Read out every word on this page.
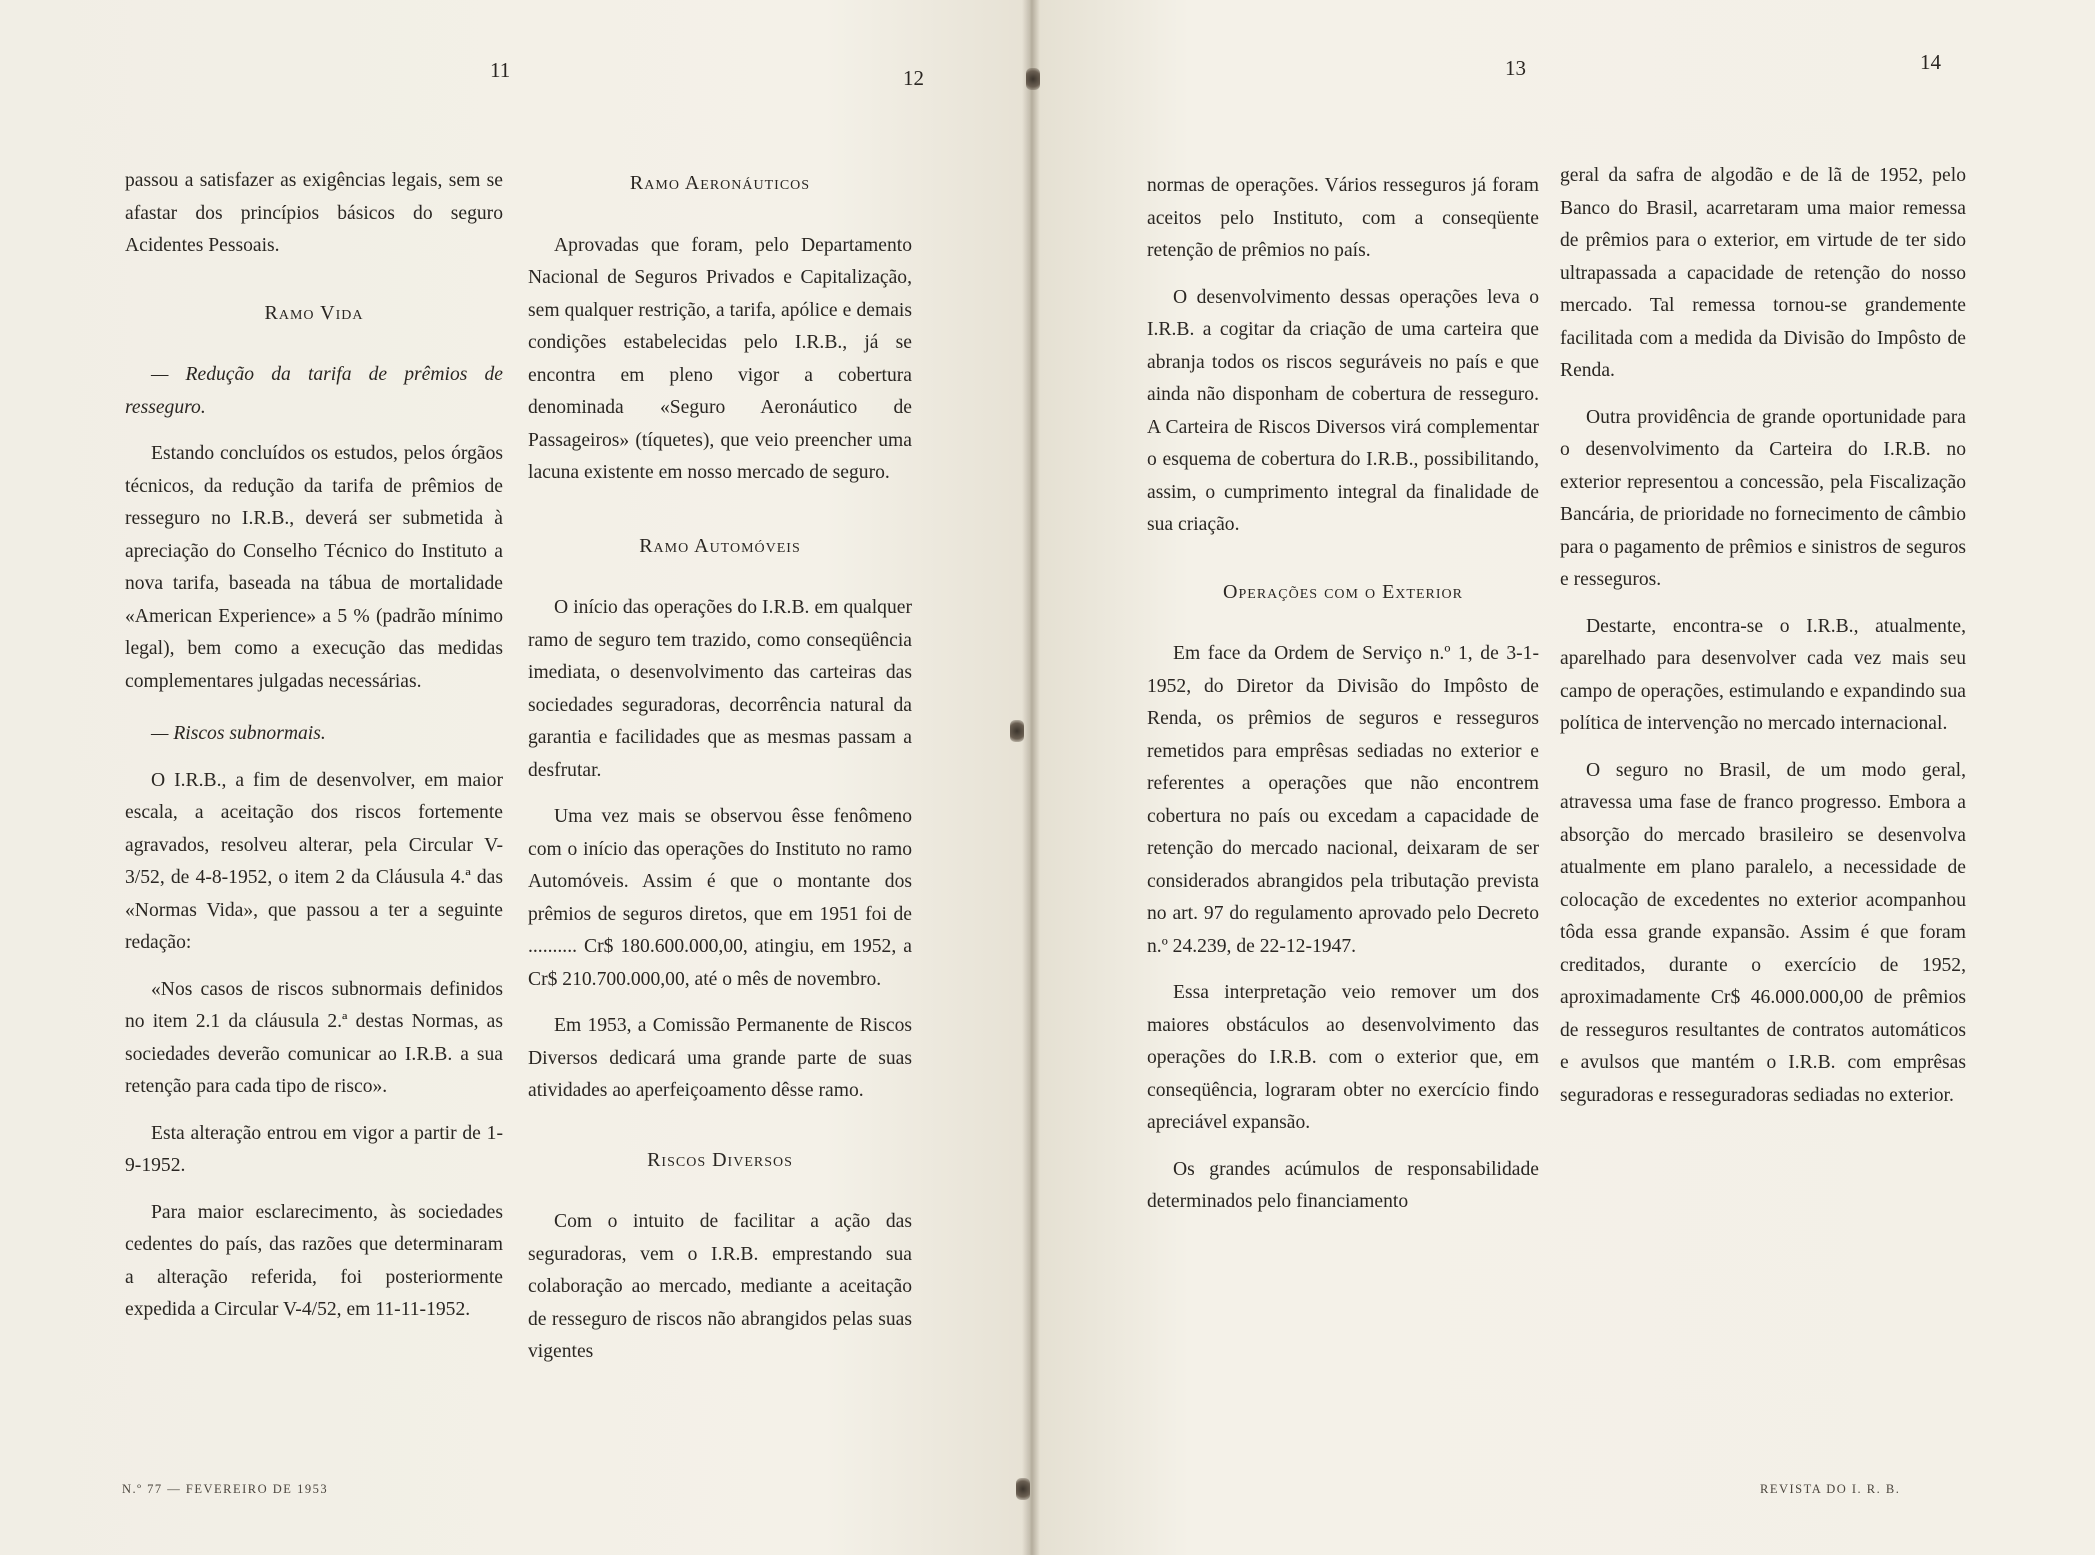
11	12	13	14

passou a satisfazer as exigências legais, sem se afastar dos princípios básicos do seguro Acidentes Pessoais.

Ramo Vida
— Redução da tarifa de prêmios de resseguro.

Estando concluídos os estudos, pelos órgãos técnicos, da redução da tarifa de prêmios de resseguro no I.R.B., deverá ser submetida à apreciação do Conselho Técnico do Instituto a nova tarifa, baseada na tábua de mortalidade «American Experience» a 5 % (padrão mínimo legal), bem como a execução das medidas complementares julgadas necessárias.

— Riscos subnormais.

O I.R.B., a fim de desenvolver, em maior escala, a aceitação dos riscos fortemente agravados, resolveu alterar, pela Circular V-3/52, de 4-8-1952, o item 2 da Cláusula 4.ª das «Normas Vida», que passou a ter a seguinte redação:

«Nos casos de riscos subnormais definidos no item 2.1 da cláusula 2.ª destas Normas, as sociedades deverão comunicar ao I.R.B. a sua retenção para cada tipo de risco».

Esta alteração entrou em vigor a partir de 1-9-1952.

Para maior esclarecimento, às sociedades cedentes do país, das razões que determinaram a alteração referida, foi posteriormente expedida a Circular V-4/52, em 11-11-1952.

Ramo Aeronáuticos

Aprovadas que foram, pelo Departamento Nacional de Seguros Privados e Capitalização, sem qualquer restrição, a tarifa, apólice e demais condições estabelecidas pelo I.R.B., já se encontra em pleno vigor a cobertura denominada «Seguro Aeronáutico de Passageiros» (tíquetes), que veio preencher uma lacuna existente em nosso mercado de seguro.

Ramo Automóveis

O início das operações do I.R.B. em qualquer ramo de seguro tem trazido, como conseqüência imediata, o desenvolvimento das carteiras das sociedades seguradoras, decorrência natural da garantia e facilidades que as mesmas passam a desfrutar.

Uma vez mais se observou êsse fenômeno com o início das operações do Instituto no ramo Automóveis. Assim é que o montante dos prêmios de seguros diretos, que em 1951 foi de .......... Cr$ 180.600.000,00, atingiu, em 1952, a Cr$ 210.700.000,00, até o mês de novembro.

Em 1953, a Comissão Permanente de Riscos Diversos dedicará uma grande parte de suas atividades ao aperfeiçoamento dêsse ramo.

Riscos Diversos

Com o intuito de facilitar a ação das seguradoras, vem o I.R.B. emprestando sua colaboração ao mercado, mediante a aceitação de resseguro de riscos não abrangidos pelas suas vigentes

normas de operações. Vários resseguros já foram aceitos pelo Instituto, com a conseqüente retenção de prêmios no país.

O desenvolvimento dessas operações leva o I.R.B. a cogitar da criação de uma carteira que abranja todos os riscos seguráveis no país e que ainda não disponham de cobertura de resseguro. A Carteira de Riscos Diversos virá complementar o esquema de cobertura do I.R.B., possibilitando, assim, o cumprimento integral da finalidade de sua criação.

Operações com o Exterior

Em face da Ordem de Serviço n.º 1, de 3-1-1952, do Diretor da Divisão do Impôsto de Renda, os prêmios de seguros e resseguros remetidos para emprêsas sediadas no exterior e referentes a operações que não encontrem cobertura no país ou excedam a capacidade de retenção do mercado nacional, deixaram de ser considerados abrangidos pela tributação prevista no art. 97 do regulamento aprovado pelo Decreto n.º 24.239, de 22-12-1947.

Essa interpretação veio remover um dos maiores obstáculos ao desenvolvimento das operações do I.R.B. com o exterior que, em conseqüência, lograram obter no exercício findo apreciável expansão.

Os grandes acúmulos de responsabilidade determinados pelo financiamento

geral da safra de algodão e de lã de 1952, pelo Banco do Brasil, acarretaram uma maior remessa de prêmios para o exterior, em virtude de ter sido ultrapassada a capacidade de retenção do nosso mercado. Tal remessa tornou-se grandemente facilitada com a medida da Divisão do Impôsto de Renda.

Outra providência de grande oportunidade para o desenvolvimento da Carteira do I.R.B. no exterior representou a concessão, pela Fiscalização Bancária, de prioridade no fornecimento de câmbio para o pagamento de prêmios e sinistros de seguros e resseguros.

Destarte, encontra-se o I.R.B., atualmente, aparelhado para desenvolver cada vez mais seu campo de operações, estimulando e expandindo sua política de intervenção no mercado internacional.

O seguro no Brasil, de um modo geral, atravessa uma fase de franco progresso. Embora a absorção do mercado brasileiro se desenvolva atualmente em plano paralelo, a necessidade de colocação de excedentes no exterior acompanhou tôda essa grande expansão. Assim é que foram creditados, durante o exercício de 1952, aproximadamente Cr$ 46.000.000,00 de prêmios de resseguros resultantes de contratos automáticos e avulsos que mantém o I.R.B. com emprêsas seguradoras e resseguradoras sediadas no exterior.

N.º 77 — FEVEREIRO DE 1953	REVISTA DO I. R. B.
